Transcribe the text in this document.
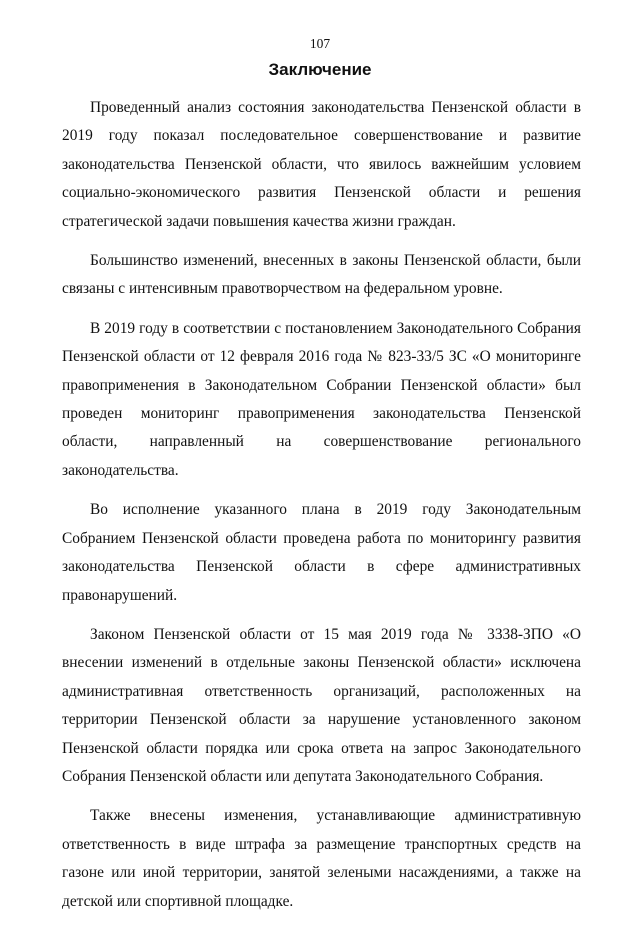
107
Заключение

Проведенный анализ состояния законодательства Пензенской области в 2019 году показал последовательное совершенствование и развитие законодательства Пензенской области, что явилось важнейшим условием социально-экономического развития Пензенской области и решения стратегической задачи повышения качества жизни граждан.

Большинство изменений, внесенных в законы Пензенской области, были связаны с интенсивным правотворчеством на федеральном уровне.

В 2019 году в соответствии с постановлением Законодательного Собрания Пензенской области от 12 февраля 2016 года № 823-33/5 ЗС «О мониторинге правоприменения в Законодательном Собрании Пензенской области» был проведен мониторинг правоприменения законодательства Пензенской области, направленный на совершенствование регионального законодательства.

Во исполнение указанного плана в 2019 году Законодательным Собранием Пензенской области проведена работа по мониторингу развития законодательства Пензенской области в сфере административных правонарушений.

Законом Пензенской области от 15 мая 2019 года № 3338-ЗПО «О внесении изменений в отдельные законы Пензенской области» исключена административная ответственность организаций, расположенных на территории Пензенской области за нарушение установленного законом Пензенской области порядка или срока ответа на запрос Законодательного Собрания Пензенской области или депутата Законодательного Собрания.

Также внесены изменения, устанавливающие административную ответственность в виде штрафа за размещение транспортных средств на газоне или иной территории, занятой зелеными насаждениями, а также на детской или спортивной площадке.
